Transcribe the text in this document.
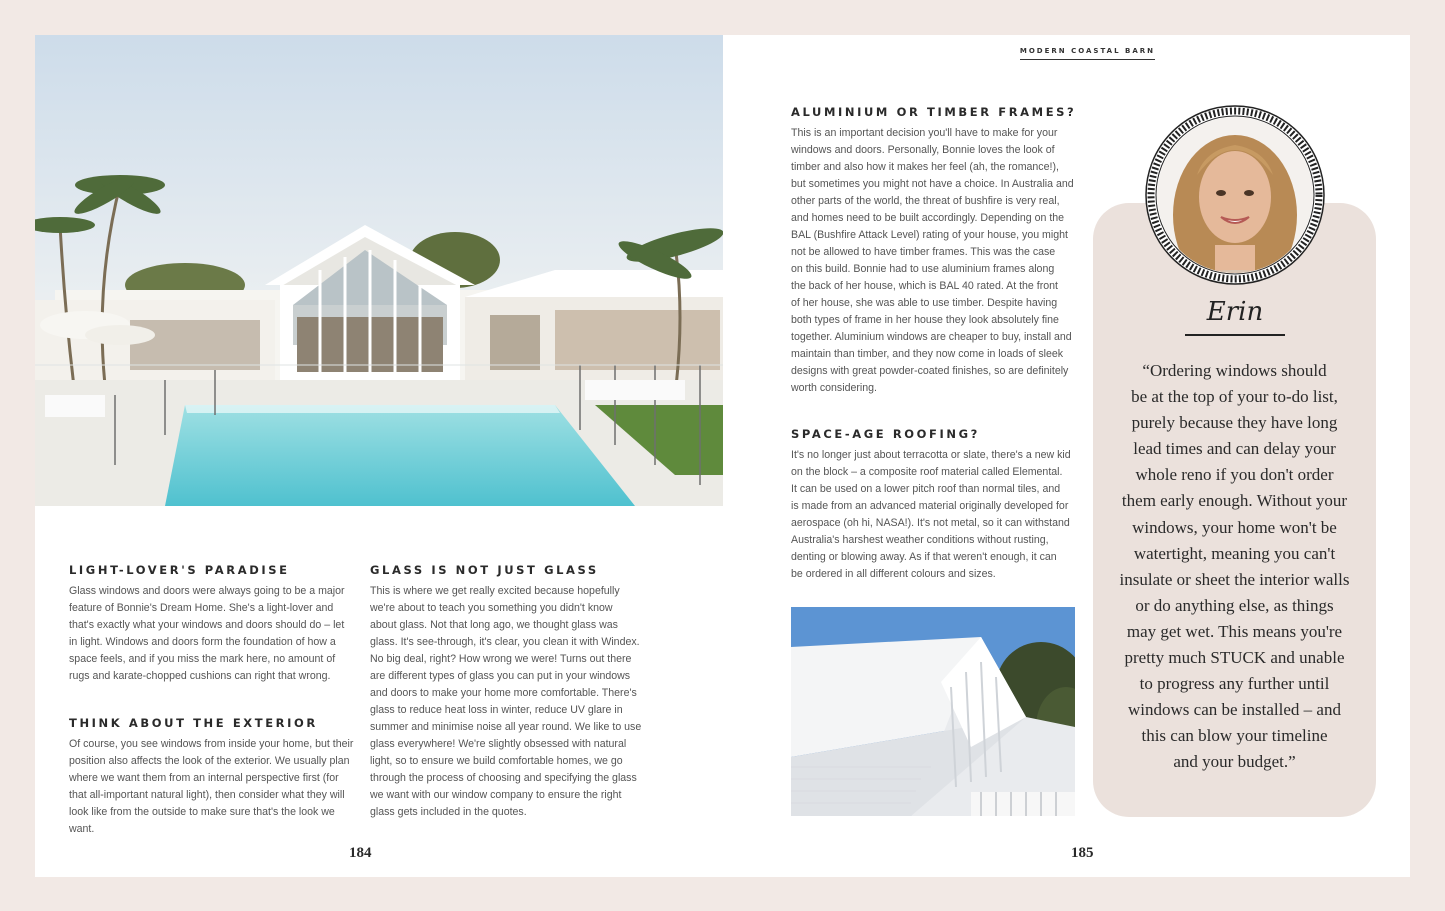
LIGHT-LOVER'S PARADISE
Glass windows and doors were always going to be a major
feature of Bonnie's Dream Home. She's a light-lover and
that's exactly what your windows and doors should do – let
in light. Windows and doors form the foundation of how a
space feels, and if you miss the mark here, no amount of
rugs and karate-chopped cushions can right that wrong.
THINK ABOUT THE EXTERIOR
Of course, you see windows from inside your home, but their
position also affects the look of the exterior. We usually plan
where we want them from an internal perspective first (for
that all-important natural light), then consider what they will
look like from the outside to make sure that's the look we want.
GLASS IS NOT JUST GLASS
This is where we get really excited because hopefully
we're about to teach you something you didn't know
about glass. Not that long ago, we thought glass was
glass. It's see-through, it's clear, you clean it with Windex.
No big deal, right? How wrong we were! Turns out there
are different types of glass you can put in your windows
and doors to make your home more comfortable. There's
glass to reduce heat loss in winter, reduce UV glare in
summer and minimise noise all year round. We like to use
glass everywhere! We're slightly obsessed with natural
light, so to ensure we build comfortable homes, we go
through the process of choosing and specifying the glass
we want with our window company to ensure the right
glass gets included in the quotes.
184
MODERN COASTAL BARN
ALUMINIUM OR TIMBER FRAMES?
This is an important decision you'll have to make for your
windows and doors. Personally, Bonnie loves the look of
timber and also how it makes her feel (ah, the romance!),
but sometimes you might not have a choice. In Australia and
other parts of the world, the threat of bushfire is very real,
and homes need to be built accordingly. Depending on the
BAL (Bushfire Attack Level) rating of your house, you might
not be allowed to have timber frames. This was the case
on this build. Bonnie had to use aluminium frames along
the back of her house, which is BAL 40 rated. At the front
of her house, she was able to use timber. Despite having
both types of frame in her house they look absolutely fine
together. Aluminium windows are cheaper to buy, install and
maintain than timber, and they now come in loads of sleek
designs with great powder-coated finishes, so are definitely
worth considering.
SPACE-AGE ROOFING?
It's no longer just about terracotta or slate, there's a new kid
on the block – a composite roof material called Elemental.
It can be used on a lower pitch roof than normal tiles, and
is made from an advanced material originally developed for
aerospace (oh hi, NASA!). It's not metal, so it can withstand
Australia's harshest weather conditions without rusting,
denting or blowing away. As if that weren't enough, it can
be ordered in all different colours and sizes.
Erin
“Ordering windows should
be at the top of your to-do list,
purely because they have long
lead times and can delay your
whole reno if you don't order
them early enough. Without your
windows, your home won't be
watertight, meaning you can't
insulate or sheet the interior walls
or do anything else, as things
may get wet. This means you're
pretty much STUCK and unable
to progress any further until
windows can be installed – and
this can blow your timeline
and your budget.”
185
